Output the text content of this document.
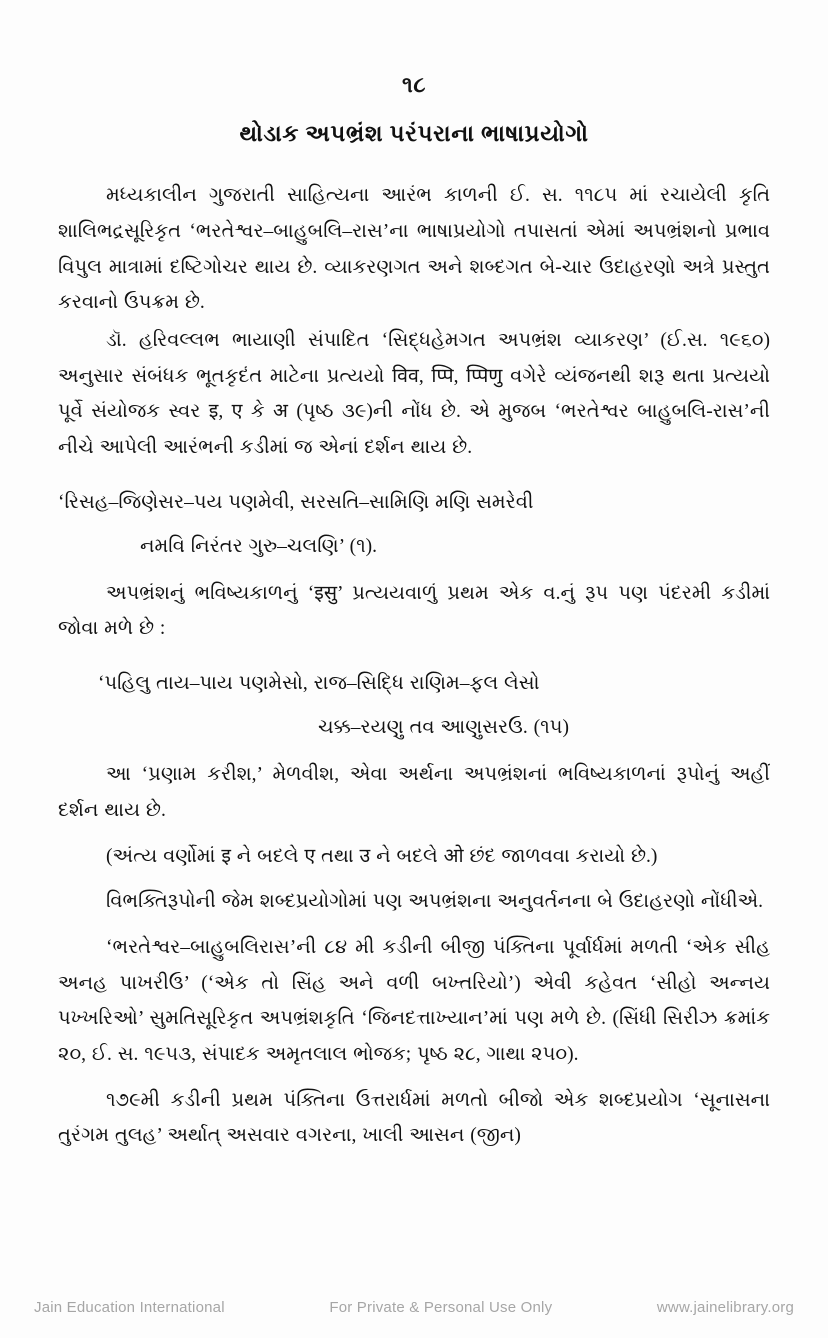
૧૮
થોડાક અપભ્રંશ પરંપરાના ભાષાપ્રયોગો

મધ્યકાલીન ગુજરાતી સાહિત્યના આરંભ કાળની ઈ. સ. ૧૧૮૫ માં રચાયેલી કૃતિ શાલિભદ્રસૂરિકૃત ‘ભરતેશ્વર–બાહુબલિ–રાસ’ના ભાષાપ્રયોગો તપાસતાં એમાં અપભ્રંશનો પ્રભાવ વિપુલ માત્રામાં દષ્ટિગોચર થાય છે. વ્યાકરણગત અને શબ્દગત બે-ચાર ઉદાહરણો અત્રે પ્રસ્તુત કરવાનો ઉપક્રમ છે.

ડૉ. હરિવલ્લભ ભાયાણી સંપાદિત ‘સિદ્ધહેમગત અપભ્રંશ વ્યાકરણ’ (ઈ.સ. ૧૯૬૦) અનુસાર સંબંધક ભૂતકૃદંત માટેના પ્રત્યયો विव, प्पि, प्पिणु વગેરે વ્યંજનથી શરૂ થતા પ્રત્યયો પૂર્વે સંયોજક સ્વર इ, ए કે अ (પૃષ્ઠ ૩૯)ની નોંધ છે. એ મુજબ ‘ભરતેશ્વર બાહુબલિ-રાસ’ની નીચે આપેલી આરંભની કડીમાં જ એનાં દર્શન થાય છે.

‘રિસહ–જિણેસર–પય પણમેવી, સરસતિ–સામિણિ મણિ સમરેવી

નમવિ નિરંતર ગુરુ–ચલણિ’ (૧).

અપભ્રંશનું ભવિષ્યકાળનું ‘इसु’ પ્રત્યયવાળું પ્રથમ એક વ.નું રૂપ પણ પંદરમી કડીમાં જોવા મળે છે :

‘પહિલુ તાય–પાય પણમેસો, રાજ–સિદ્ધિ રાણિમ–ફલ લેસો

ચક્ક–રયણુ તવ આણુસરઉ. (૧૫)

આ ‘પ્રણામ કરીશ,’ મેળવીશ, એવા અર્થના અપભ્રંશનાં ભવિષ્યકાળનાં રૂપોનું અહીં દર્શન થાય છે.

(અંત્ય વર્ણોમાં इ ને બદલે ए તથા उ ને બદલે ओ છંદ જાળવવા કરાયો છે.)

વિભક્તિરૂપોની જેમ શબ્દપ્રયોગોમાં પણ અપભ્રંશના અનુવર્તનના બે ઉદાહરણો નોંધીએ.

‘ભરતેશ્વર–બાહુબલિરાસ’ની ૮૪ મી કડીની બીજી પંક્તિના પૂર્વાર્ધમાં મળતી ‘એક સીહ અનહ પાખરીઉ’ (‘એક તો સિંહ અને વળી બખ્તરિયો’) એવી કહેવત ‘સીહો અન્નય પખ્ખરિઓ’ સુમતિસૂરિકૃત અપભ્રંશકૃતિ ‘જિનદત્તાખ્યાન’માં પણ મળે છે. (સિંધી સિરીઝ ક્રમાંક ૨૦, ઈ. સ. ૧૯૫૩, સંપાદક અમૃતલાલ ભોજક; પૃષ્ઠ ૨૮, ગાથા ૨૫૦).

૧૭૯મી કડીની પ્રથમ પંક્તિના ઉત્તરાર્ધમાં મળતો બીજો એક શબ્દપ્રયોગ ‘સૂનાસના તુરંગમ તુલહ’ અર્થાત્ અસવાર વગરના, ખાલી આસન (જીન)

Jain Education International	For Private & Personal Use Only	www.jainelibrary.org
